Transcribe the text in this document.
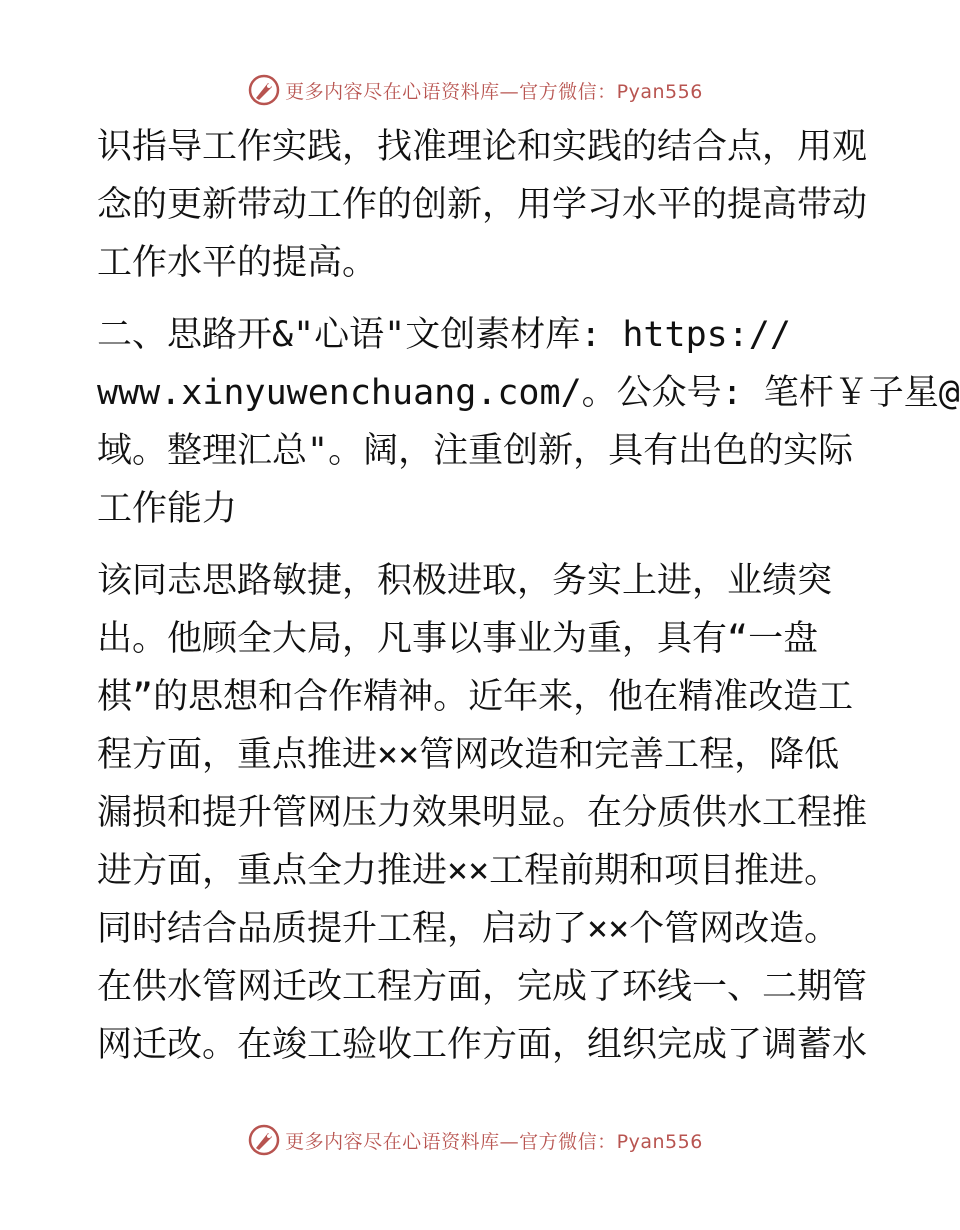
更多内容尽在心语资料库—官方微信：Pyan556
识指导工作实践，找准理论和实践的结合点，用观
念的更新带动工作的创新，用学习水平的提高带动
工作水平的提高。
二、思路开&"心语"文创素材库: https://
www.xinyuwenchuang.com/。公众号: 笔杆￥子星@
域。整理汇总"。阔，注重创新，具有出色的实际
工作能力
该同志思路敏捷，积极进取，务实上进，业绩突
出。他顾全大局，凡事以事业为重，具有“一盘
棋”的思想和合作精神。近年来，他在精准改造工
程方面，重点推进××管网改造和完善工程，降低
漏损和提升管网压力效果明显。在分质供水工程推
进方面，重点全力推进××工程前期和项目推进。
同时结合品质提升工程，启动了××个管网改造。
在供水管网迁改工程方面，完成了环线一、二期管
网迁改。在竣工验收工作方面，组织完成了调蓄水
更多内容尽在心语资料库—官方微信：Pyan556
